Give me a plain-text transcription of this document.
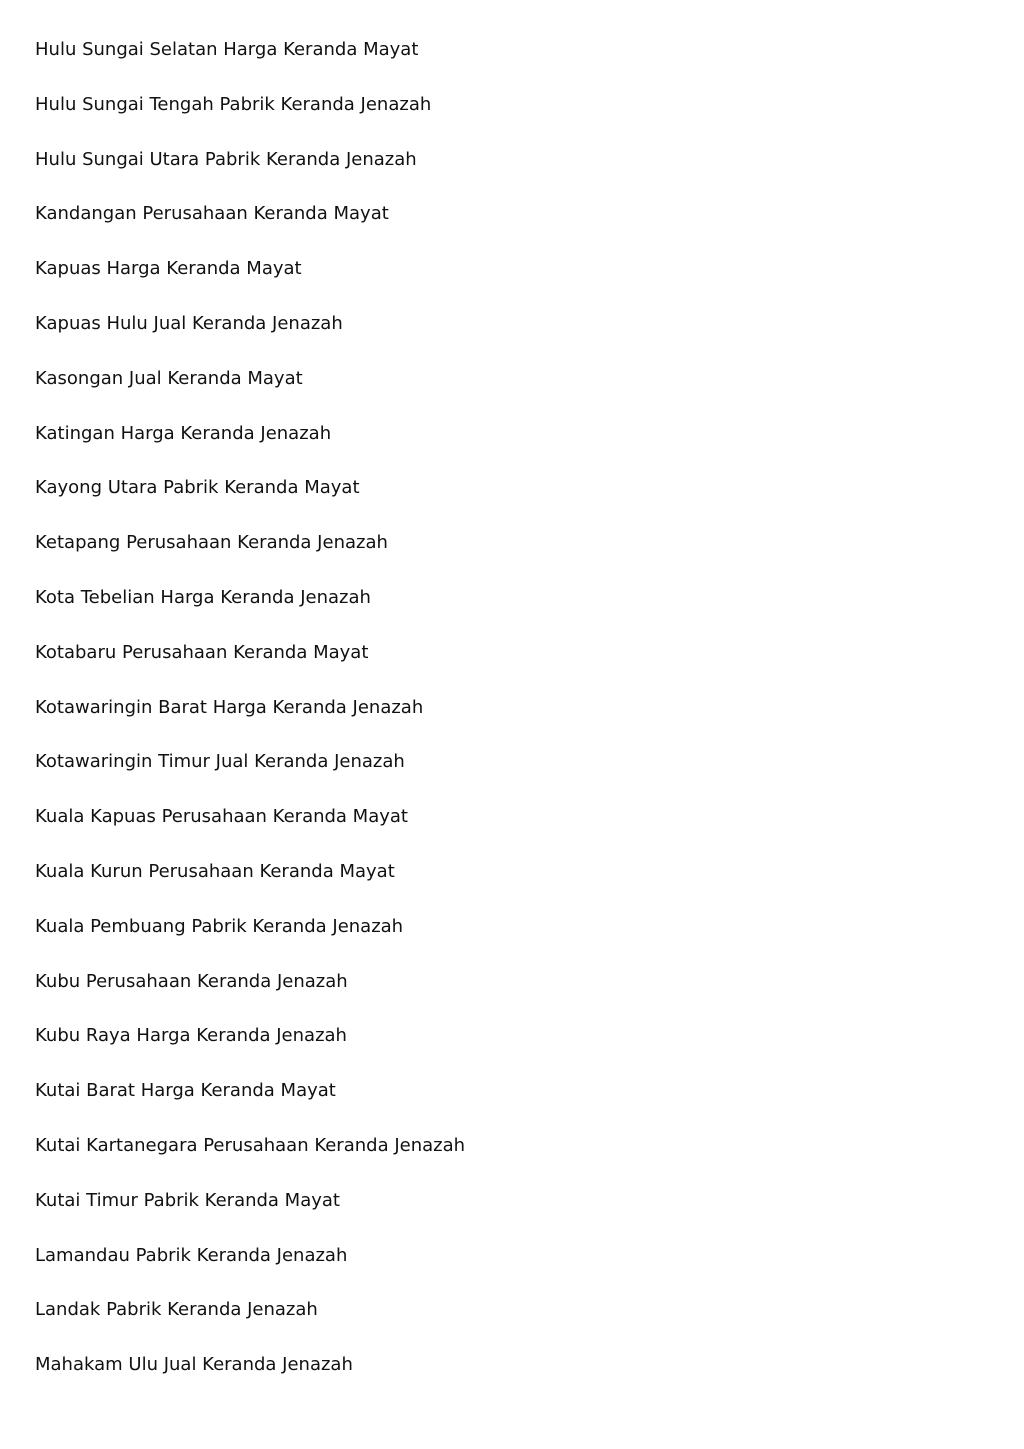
Hulu Sungai Selatan Harga Keranda Mayat
Hulu Sungai Tengah Pabrik Keranda Jenazah
Hulu Sungai Utara Pabrik Keranda Jenazah
Kandangan Perusahaan Keranda Mayat
Kapuas Harga Keranda Mayat
Kapuas Hulu Jual Keranda Jenazah
Kasongan Jual Keranda Mayat
Katingan Harga Keranda Jenazah
Kayong Utara Pabrik Keranda Mayat
Ketapang Perusahaan Keranda Jenazah
Kota Tebelian Harga Keranda Jenazah
Kotabaru Perusahaan Keranda Mayat
Kotawaringin Barat Harga Keranda Jenazah
Kotawaringin Timur Jual Keranda Jenazah
Kuala Kapuas Perusahaan Keranda Mayat
Kuala Kurun Perusahaan Keranda Mayat
Kuala Pembuang Pabrik Keranda Jenazah
Kubu Perusahaan Keranda Jenazah
Kubu Raya Harga Keranda Jenazah
Kutai Barat Harga Keranda Mayat
Kutai Kartanegara Perusahaan Keranda Jenazah
Kutai Timur Pabrik Keranda Mayat
Lamandau Pabrik Keranda Jenazah
Landak Pabrik Keranda Jenazah
Mahakam Ulu Jual Keranda Jenazah
